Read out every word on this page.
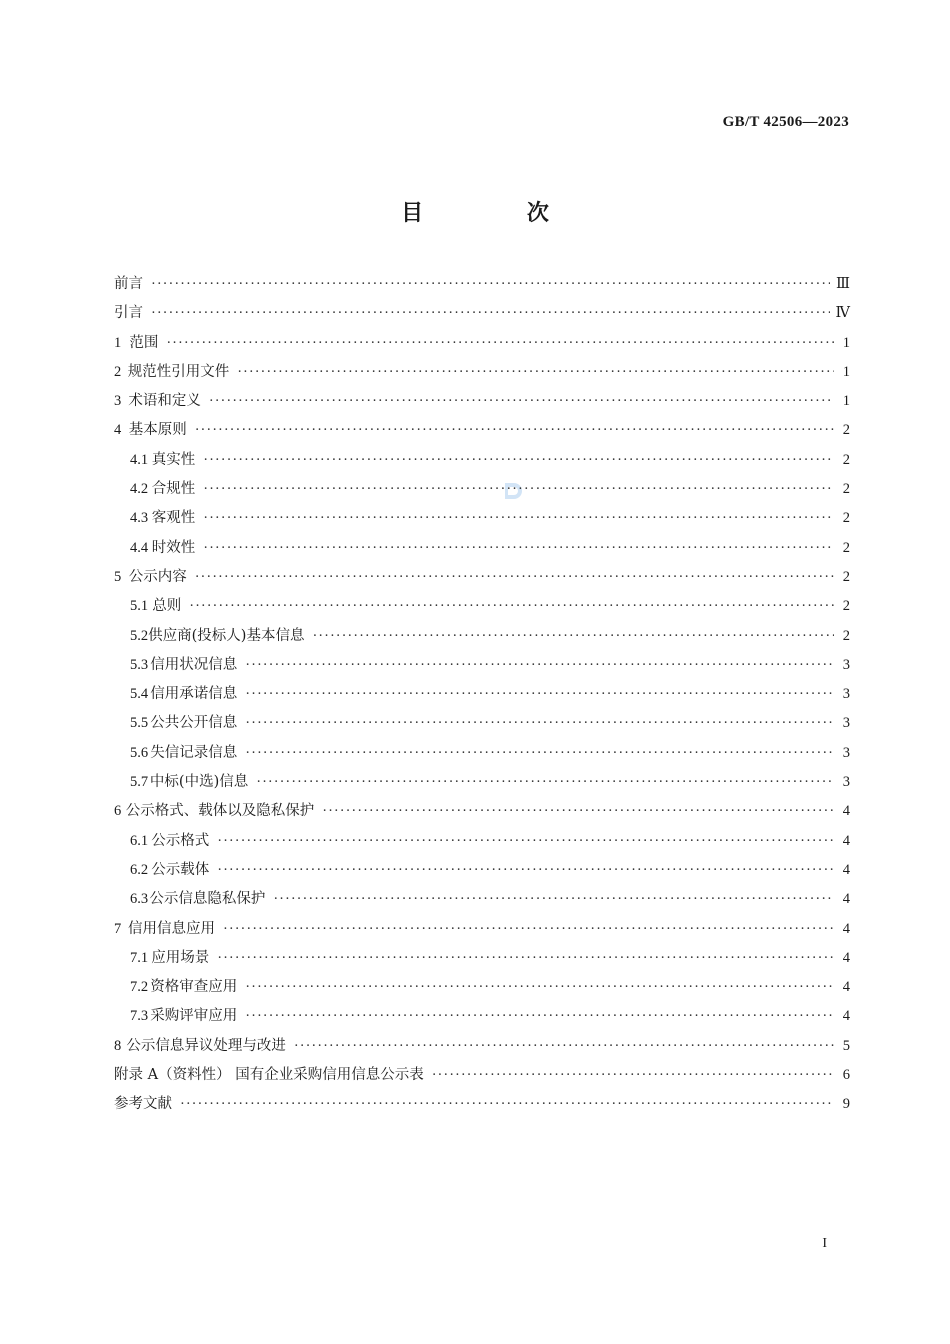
GB/T 42506—2023
目 次
前言 ·····	Ⅲ
引言 ·····	Ⅳ
1 范围 ·····	1
2 规范性引用文件 ·····	1
3 术语和定义 ·····	1
4 基本原则 ·····	2
4.1 真实性 ·····	2
4.2 合规性 ·····	2
4.3 客观性 ·····	2
4.4 时效性 ·····	2
5 公示内容 ·····	2
5.1 总则 ·····	2
5.2 供应商(投标人)基本信息 ·····	2
5.3 信用状况信息 ·····	3
5.4 信用承诺信息 ·····	3
5.5 公共公开信息 ·····	3
5.6 失信记录信息 ·····	3
5.7 中标(中选)信息 ·····	3
6 公示格式、载体以及隐私保护 ·····	4
6.1 公示格式 ·····	4
6.2 公示载体 ·····	4
6.3 公示信息隐私保护 ·····	4
7 信用信息应用 ·····	4
7.1 应用场景 ·····	4
7.2 资格审查应用 ·····	4
7.3 采购评审应用 ·····	4
8 公示信息异议处理与改进 ·····	5
附录 A（资料性） 国有企业采购信用信息公示表 ·····	6
参考文献 ·····	9
I
